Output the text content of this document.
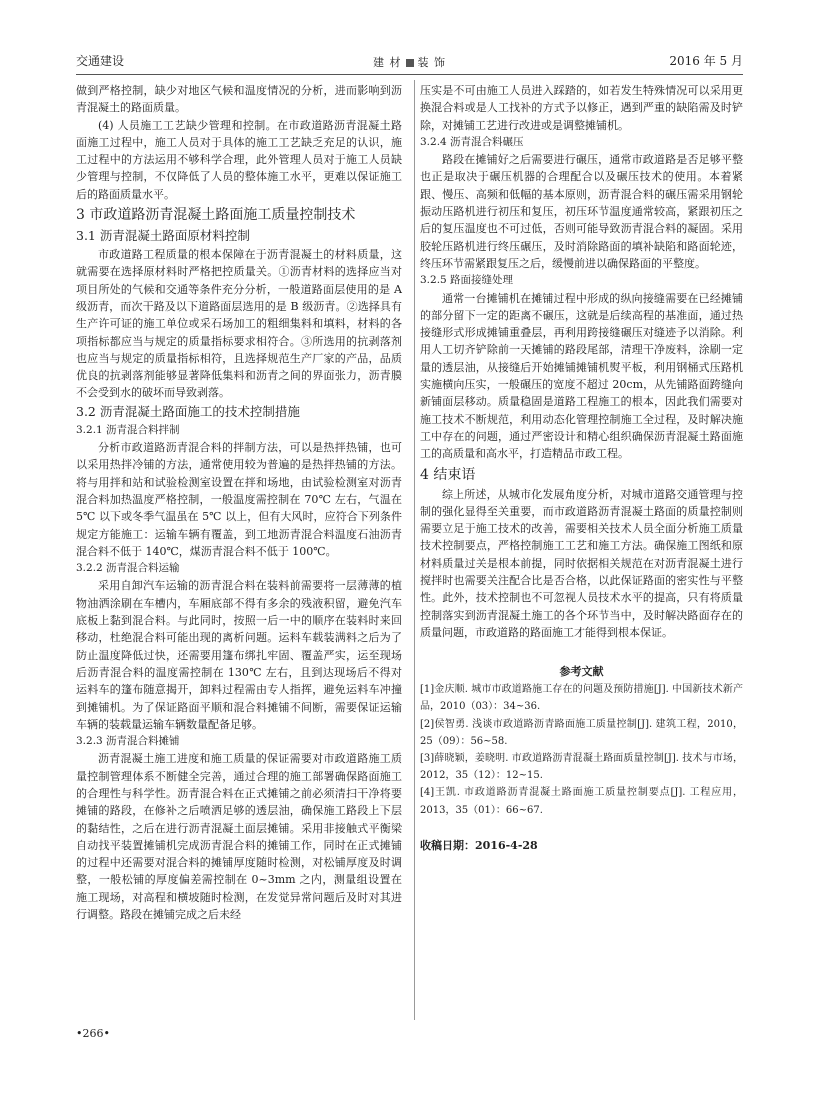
交通建设	建 材 装 饰	2016 年 5 月

做到严格控制，缺少对地区气候和温度情况的分析，进而影响到沥青混凝土的路面质量。

(4) 人员施工工艺缺少管理和控制。在市政道路沥青混凝土路面施工过程中，施工人员对于具体的施工工艺缺乏充足的认识，施工过程中的方法运用不够科学合理，此外管理人员对于施工人员缺少管理与控制，不仅降低了人员的整体施工水平，更难以保证施工后的路面质量水平。

3 市政道路沥青混凝土路面施工质量控制技术
3.1 沥青混凝土路面原材料控制

市政道路工程质量的根本保障在于沥青混凝土的材料质量，这就需要在选择原材料时严格把控质量关。①沥青材料的选择应当对项目所处的气候和交通等条件充分分析，一般道路面层使用的是 A 级沥青，而次干路及以下道路面层选用的是 B 级沥青。②选择具有生产许可证的施工单位或采石场加工的粗细集料和填料，材料的各项指标都应当与规定的质量指标要求相符合。③所选用的抗剥落剂也应当与规定的质量指标相符，且选择规范生产厂家的产品，品质优良的抗剥落剂能够显著降低集料和沥青之间的界面张力，沥青膜不会受到水的破坏而导致剥落。

3.2 沥青混凝土路面施工的技术控制措施
3.2.1 沥青混合料拌制

分析市政道路沥青混合料的拌制方法，可以是热拌热铺，也可以采用热拌冷铺的方法，通常使用较为普遍的是热拌热铺的方法。将与用拌和站和试验检测室设置在拌和场地，由试验检测室对沥青混合料加热温度严格控制，一般温度需控制在 70℃ 左右，气温在 5℃ 以下或冬季气温虽在 5℃ 以上，但有大风时，应符合下列条件规定方能施工：运输车辆有覆盖，到工地沥青混合料温度石油沥青混合料不低于 140℃，煤沥青混合料不低于 100℃。

3.2.2 沥青混合料运输

采用自卸汽车运输的沥青混合料在装料前需要将一层薄薄的植物油洒涂刷在车槽内，车厢底部不得有多余的残液积留，避免汽车底板上黏到混合料。与此同时，按照一后一中的顺序在装料时来回移动，杜绝混合料可能出现的离析问题。运料车载装满料之后为了防止温度降低过快，还需要用篷布绑扎牢固、覆盖严实，运至现场后沥青混合料的温度需控制在 130℃ 左右，且到达现场后不得对运料车的篷布随意揭开，卸料过程需由专人指挥，避免运料车冲撞到摊铺机。为了保证路面平顺和混合料摊铺不间断，需要保证运输车辆的装载量运输车辆数量配备足够。

3.2.3 沥青混合料摊铺

沥青混凝土施工进度和施工质量的保证需要对市政道路施工质量控制管理体系不断健全完善，通过合理的施工部署确保路面施工的合理性与科学性。沥青混合料在正式摊铺之前必须清扫干净将要摊铺的路段，在修补之后喷洒足够的透层油，确保施工路段上下层的黏结性，之后在进行沥青混凝土面层摊铺。采用非接触式平衡梁自动找平装置摊铺机完成沥青混合料的摊铺工作，同时在正式摊铺的过程中还需要对混合料的摊铺厚度随时检测，对松铺厚度及时调整，一般松铺的厚度偏差需控制在 0~3mm 之内，测量组设置在施工现场，对高程和横坡随时检测，在发觉异常问题后及时对其进行调整。路段在摊铺完成之后未经

压实是不可由施工人员进入踩踏的，如若发生特殊情况可以采用更换混合料或是人工找补的方式予以修正，遇到严重的缺陷需及时铲除，对摊铺工艺进行改进或是调整摊铺机。

3.2.4 沥青混合料碾压

路段在摊铺好之后需要进行碾压，通常市政道路是否足够平整也正是取决于碾压机器的合理配合以及碾压技术的使用。本着紧跟、慢压、高频和低幅的基本原则，沥青混合料的碾压需采用钢轮振动压路机进行初压和复压，初压环节温度通常较高，紧跟初压之后的复压温度也不可过低，否则可能导致沥青混合料的凝固。采用胶轮压路机进行终压碾压，及时消除路面的填补缺陷和路面轮迹，终压环节需紧跟复压之后，缓慢前进以确保路面的平整度。

3.2.5 路面接缝处理

通常一台摊铺机在摊铺过程中形成的纵向接缝需要在已经摊铺的部分留下一定的距离不碾压，这就是后续高程的基准面，通过热接缝形式形成摊铺重叠层，再利用跨接缝碾压对缝迹予以消除。利用人工切齐铲除前一天摊铺的路段尾部，清理干净废料，涂刷一定量的透层油，从接缝后开始摊铺摊铺机熨平板，利用钢桶式压路机实施横向压实，一般碾压的宽度不超过 20cm，从先铺路面跨缝向新铺面层移动。质量稳固是道路工程施工的根本，因此我们需要对施工技术不断规范，利用动态化管理控制施工全过程，及时解决施工中存在的问题，通过严密设计和精心组织确保沥青混凝土路面施工的高质量和高水平，打造精品市政工程。

4 结束语

综上所述，从城市化发展角度分析，对城市道路交通管理与控制的强化显得至关重要，而市政道路沥青混凝土路面的质量控制则需要立足于施工技术的改善，需要相关技术人员全面分析施工质量技术控制要点，严格控制施工工艺和施工方法。确保施工图纸和原材料质量过关是根本前提，同时依据相关规范在对沥青混凝土进行搅拌时也需要关注配合比是否合格，以此保证路面的密实性与平整性。此外，技术控制也不可忽视人员技术水平的提高，只有将质量控制落实到沥青混凝土施工的各个环节当中，及时解决路面存在的质量问题，市政道路的路面施工才能得到根本保证。

参考文献

[1]金庆顺. 城市市政道路施工存在的问题及预防措施[J]. 中国新技术新产品，2010（03）：34~36.

[2]侯智勇. 浅谈市政道路沥青路面施工质量控制[J]. 建筑工程，2010，25（09）：56~58.

[3]薛晓颖，姜晓明. 市政道路沥青混凝土路面质量控制[J]. 技术与市场，2012，35（12）：12~15.

[4]王凯. 市政道路沥青混凝土路面施工质量控制要点[J]. 工程应用，2013，35（01）：66~67.

收稿日期：2016-4-28
•266•
